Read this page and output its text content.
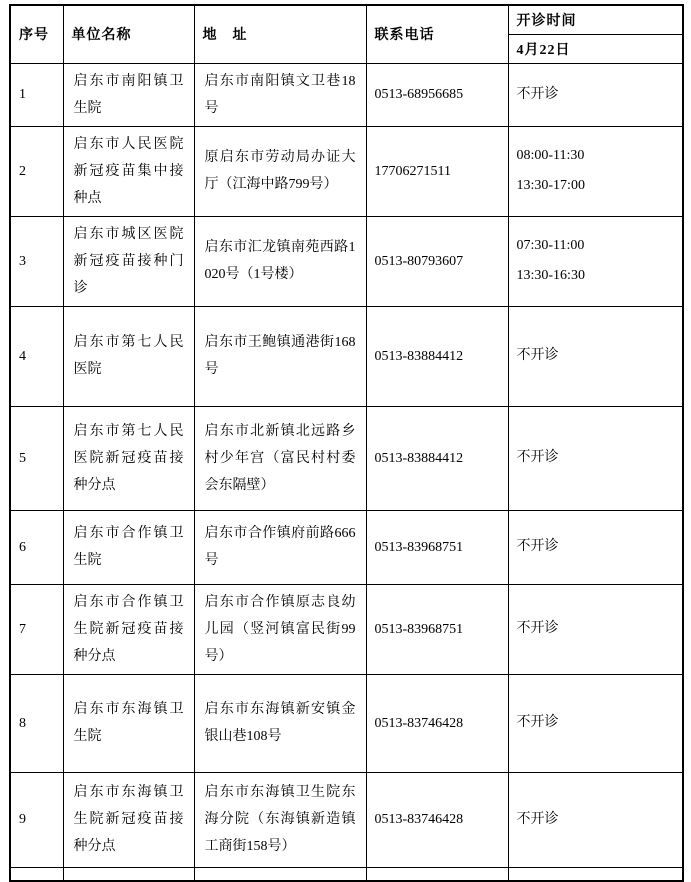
序号	单位名称	地　址	联系电话	开诊时间
				4月22日
1	启东市南阳镇卫生院	启东市南阳镇文卫巷18号	0513-68956685	不开诊

2	启东市人民医院新冠疫苗集中接种点	原启东市劳动局办证大厅（江海中路799号）	17706271511	08:00-11:30
13:30-17:00

3	启东市城区医院新冠疫苗接种门诊	启东市汇龙镇南苑西路1020号（1号楼）	0513-80793607	07:30-11:00
13:30-16:30

4	启东市第七人民医院	启东市王鲍镇通港街168号	0513-83884412	不开诊

5	启东市第七人民医院新冠疫苗接种分点	启东市北新镇北远路乡村少年宫（富民村村委会东隔壁）	0513-83884412	不开诊

6	启东市合作镇卫生院	启东市合作镇府前路666号	0513-83968751	不开诊

7	启东市合作镇卫生院新冠疫苗接种分点	启东市合作镇原志良幼儿园（竖河镇富民街99号）	0513-83968751	不开诊

8	启东市东海镇卫生院	启东市东海镇新安镇金银山巷108号	0513-83746428	不开诊

9	启东市东海镇卫生院新冠疫苗接种分点	启东市东海镇卫生院东海分院（东海镇新造镇工商街158号）	0513-83746428	不开诊
